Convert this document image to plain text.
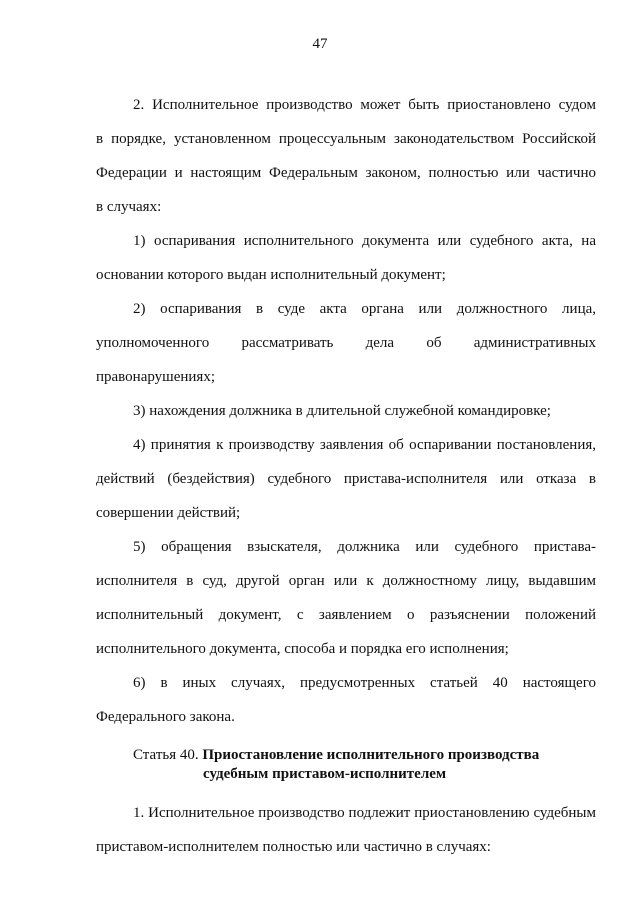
47
2. Исполнительное производство может быть приостановлено судом
в порядке, установленном процессуальным законодательством Российской
Федерации и настоящим Федеральным законом, полностью или частично
в случаях:
1) оспаривания исполнительного документа или судебного акта, на
основании которого выдан исполнительный документ;
2) оспаривания в суде акта органа или должностного лица,
уполномоченного рассматривать дела об административных
правонарушениях;
3) нахождения должника в длительной служебной командировке;
4) принятия к производству заявления об оспаривании постановления,
действий (бездействия) судебного пристава-исполнителя или отказа в
совершении действий;
5) обращения взыскателя, должника или судебного пристава-
исполнителя в суд, другой орган или к должностному лицу, выдавшим
исполнительный документ, с заявлением о разъяснении положений
исполнительного документа, способа и порядка его исполнения;
6) в иных случаях, предусмотренных статьей 40 настоящего
Федерального закона.
Статья 40. Приостановление исполнительного производства
судебным приставом-исполнителем
1. Исполнительное производство подлежит приостановлению судебным
приставом-исполнителем полностью или частично в случаях:
